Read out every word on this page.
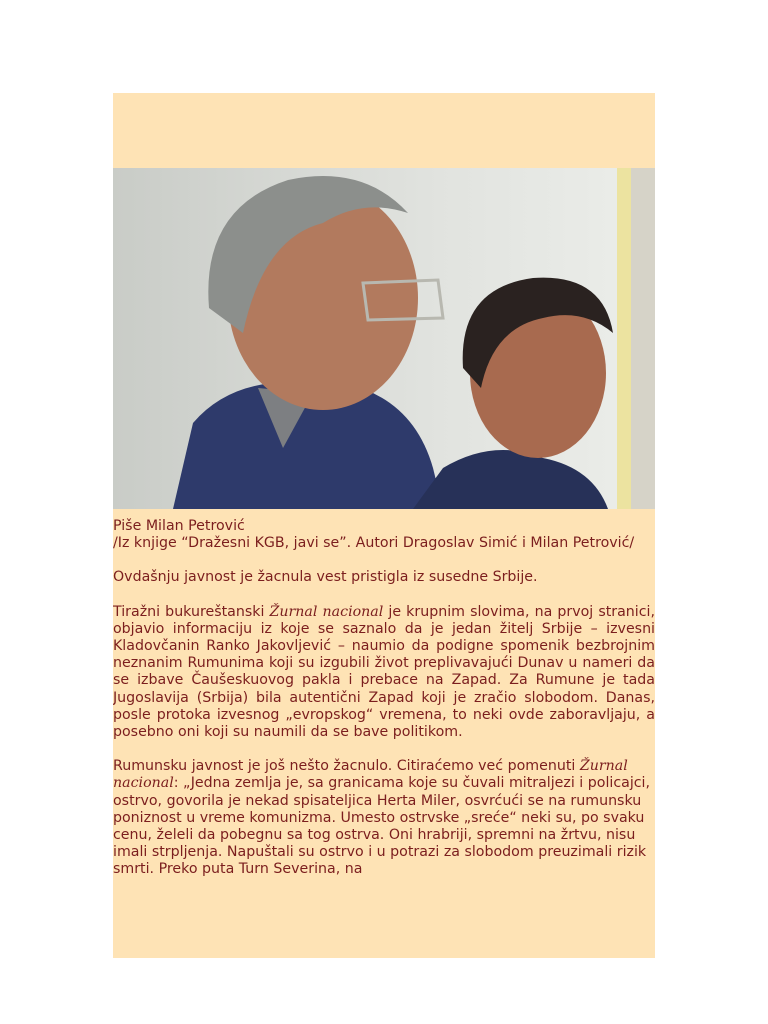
Piše Milan Petrović

/Iz knjige “Dražesni KGB, javi se”. Autori Dragoslav Simić i Milan Petrović/

Ovdašnju javnost je žacnula vest pristigla iz susedne Srbije.

Tiražni bukureštanski Žurnal nacional je krupnim slovima, na prvoj stranici, objavio informaciju iz koje se saznalo da je jedan žitelj Srbije – izvesni Kladovčanin Ranko Jakovljević – naumio da podigne spomenik bezbrojnim neznanim Rumunima koji su izgubili život preplivavajući Dunav u nameri da se izbave Čaušeskuovog pakla i prebace na Zapad. Za Rumune je tada Jugoslavija (Srbija) bila autentični Zapad koji je zračio slobodom. Danas, posle protoka izvesnog „evropskog“ vremena, to neki ovde zaboravljaju, a posebno oni koji su naumili da se bave politikom.

Rumunsku javnost je još nešto žacnulo. Citiraćemo već pomenuti Žurnal nacional: „Jedna zemlja je, sa granicama koje su čuvali mitraljezi i policajci, ostrvo, govorila je nekad spisateljica Herta Miler, osvrćući se na rumunsku poniznost u vreme komunizma. Umesto ostrvske „sreće“ neki su, po svaku cenu, želeli da pobegnu sa tog ostrva. Oni hrabriji, spremni na žrtvu, nisu imali strpljenja. Napuštali su ostrvo i u potrazi za slobodom preuzimali rizik smrti. Preko puta Turn Severina, na
